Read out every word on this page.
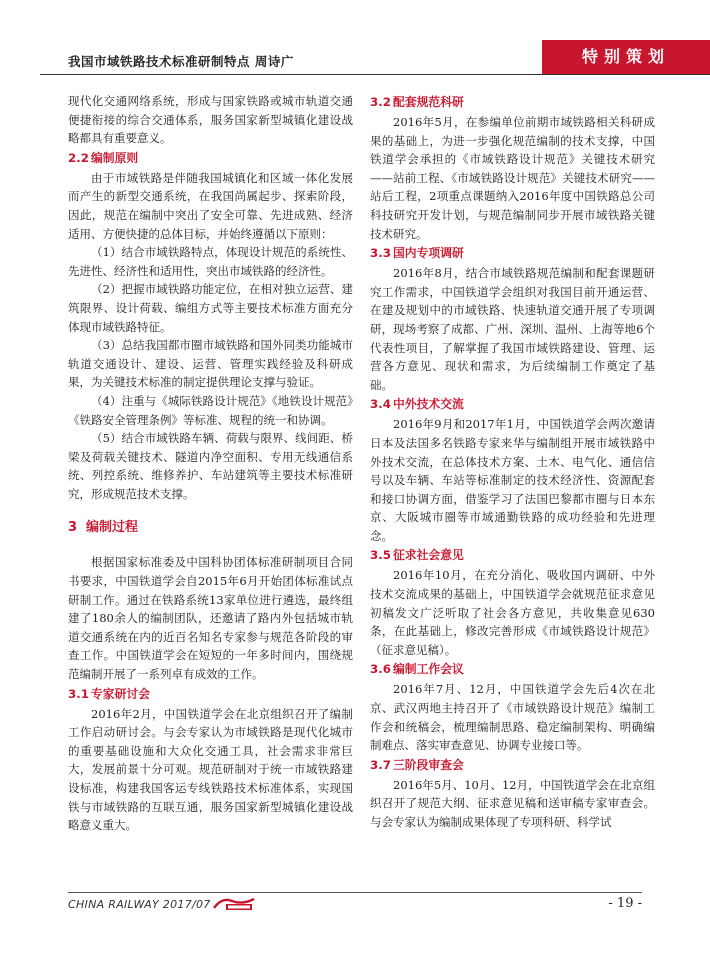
我国市域铁路技术标准研制特点 周诗广	特别策划

现代化交通网络系统，形成与国家铁路或城市轨道交通便捷衔接的综合交通体系，服务国家新型城镇化建设战略都具有重要意义。

2.2 编制原则

由于市域铁路是伴随我国城镇化和区域一体化发展而产生的新型交通系统，在我国尚属起步、探索阶段，因此，规范在编制中突出了安全可靠、先进成熟、经济适用、方便快捷的总体目标，并始终遵循以下原则：

（1）结合市域铁路特点，体现设计规范的系统性、先进性、经济性和适用性，突出市域铁路的经济性。

（2）把握市域铁路功能定位，在相对独立运营、建筑限界、设计荷载、编组方式等主要技术标准方面充分体现市域铁路特征。

（3）总结我国都市圈市域铁路和国外同类功能城市轨道交通设计、建设、运营、管理实践经验及科研成果，为关键技术标准的制定提供理论支撑与验证。

（4）注重与《城际铁路设计规范》《地铁设计规范》《铁路安全管理条例》等标准、规程的统一和协调。

（5）结合市域铁路车辆、荷载与限界、线间距、桥梁及荷载关键技术、隧道内净空面积、专用无线通信系统、列控系统、维修养护、车站建筑等主要技术标准研究，形成规范技术支撑。

3 编制过程

根据国家标准委及中国科协团体标准研制项目合同书要求，中国铁道学会自2015年6月开始团体标准试点研制工作。通过在铁路系统13家单位进行遴选，最终组建了180余人的编制团队，还邀请了路内外包括城市轨道交通系统在内的近百名知名专家参与规范各阶段的审查工作。中国铁道学会在短短的一年多时间内，围绕规范编制开展了一系列卓有成效的工作。

3.1 专家研讨会

2016年2月，中国铁道学会在北京组织召开了编制工作启动研讨会。与会专家认为市域铁路是现代化城市的重要基础设施和大众化交通工具，社会需求非常巨大，发展前景十分可观。规范研制对于统一市域铁路建设标准，构建我国客运专线铁路技术标准体系，实现国铁与市域铁路的互联互通，服务国家新型城镇化建设战略意义重大。

3.2 配套规范科研

2016年5月，在参编单位前期市域铁路相关科研成果的基础上，为进一步强化规范编制的技术支撑，中国铁道学会承担的《市域铁路设计规范》关键技术研究——站前工程、《市域铁路设计规范》关键技术研究——站后工程，2项重点课题纳入2016年度中国铁路总公司科技研究开发计划，与规范编制同步开展市域铁路关键技术研究。

3.3 国内专项调研

2016年8月，结合市域铁路规范编制和配套课题研究工作需求，中国铁道学会组织对我国目前开通运营、在建及规划中的市域铁路、快速轨道交通开展了专项调研，现场考察了成都、广州、深圳、温州、上海等地6个代表性项目，了解掌握了我国市域铁路建设、管理、运营各方意见、现状和需求，为后续编制工作奠定了基础。

3.4 中外技术交流

2016年9月和2017年1月，中国铁道学会两次邀请日本及法国多名铁路专家来华与编制组开展市域铁路中外技术交流，在总体技术方案、土木、电气化、通信信号以及车辆、车站等标准制定的技术经济性、资源配套和接口协调方面，借鉴学习了法国巴黎都市圈与日本东京、大阪城市圈等市域通勤铁路的成功经验和先进理念。

3.5 征求社会意见

2016年10月，在充分消化、吸收国内调研、中外技术交流成果的基础上，中国铁道学会就规范征求意见初稿发文广泛听取了社会各方意见，共收集意见630条，在此基础上，修改完善形成《市域铁路设计规范》（征求意见稿）。

3.6 编制工作会议

2016年7月、12月，中国铁道学会先后4次在北京、武汉两地主持召开了《市域铁路设计规范》编制工作会和统稿会，梳理编制思路、稳定编制架构、明确编制难点、落实审查意见、协调专业接口等。

3.7 三阶段审查会

2016年5月、10月、12月，中国铁道学会在北京组织召开了规范大纲、征求意见稿和送审稿专家审查会。与会专家认为编制成果体现了专项科研、科学试

CHINA RAILWAY 2017/07	- 19 -
